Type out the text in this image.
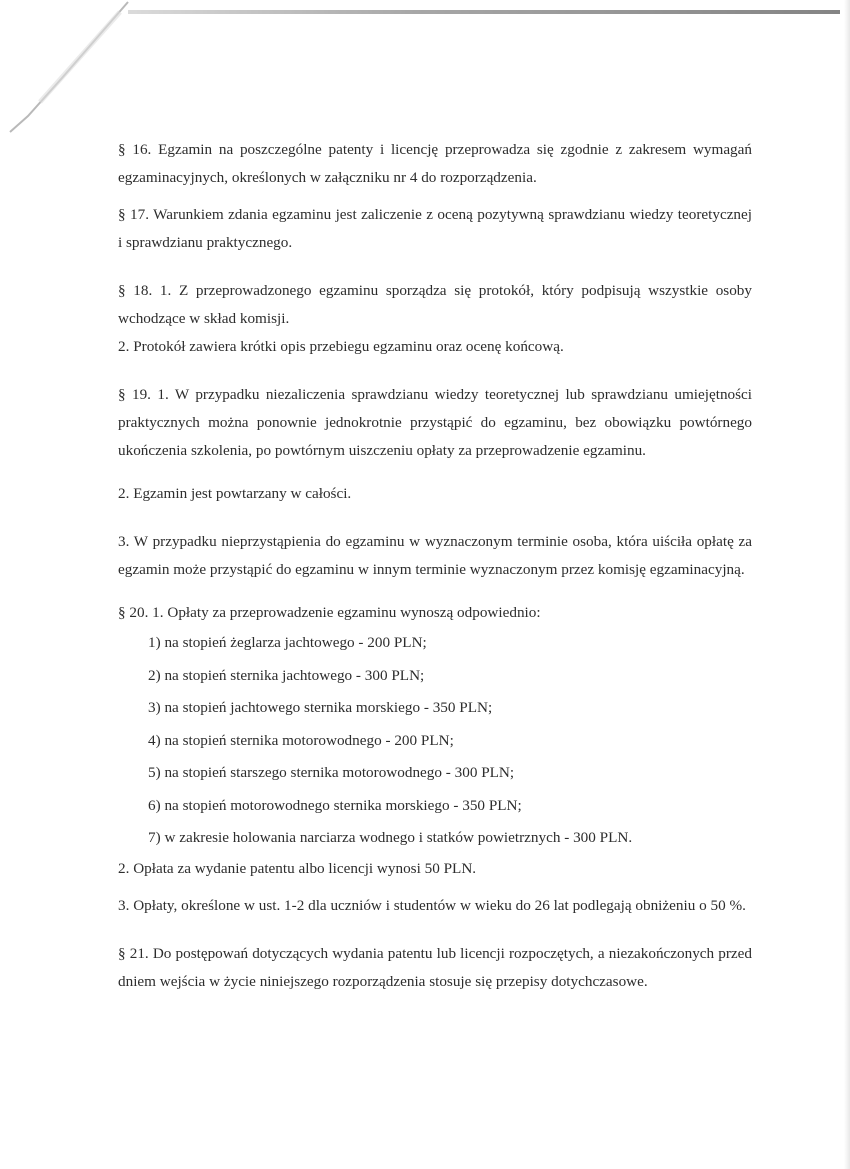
§ 16. Egzamin na poszczególne patenty i licencję przeprowadza się zgodnie z zakresem wymagań egzaminacyjnych, określonych w załączniku nr 4 do rozporządzenia.

§ 17. Warunkiem zdania egzaminu jest zaliczenie z oceną pozytywną sprawdzianu wiedzy teoretycznej i sprawdzianu praktycznego.

§ 18. 1. Z przeprowadzonego egzaminu sporządza się protokół, który podpisują wszystkie osoby wchodzące w skład komisji.

2. Protokół zawiera krótki opis przebiegu egzaminu oraz ocenę końcową.

§ 19. 1. W przypadku niezaliczenia sprawdzianu wiedzy teoretycznej lub sprawdzianu umiejętności praktycznych można ponownie jednokrotnie przystąpić do egzaminu, bez obowiązku powtórnego ukończenia szkolenia, po powtórnym uiszczeniu opłaty za przeprowadzenie egzaminu.

2. Egzamin jest powtarzany w całości.

3. W przypadku nieprzystąpienia do egzaminu w wyznaczonym terminie osoba, która uiściła opłatę za egzamin może przystąpić do egzaminu w innym terminie wyznaczonym przez komisję egzaminacyjną.

§ 20. 1. Opłaty za przeprowadzenie egzaminu wynoszą odpowiednio:

1) na stopień żeglarza jachtowego - 200 PLN;

2) na stopień sternika jachtowego - 300 PLN;

3) na stopień jachtowego sternika morskiego - 350 PLN;

4) na stopień sternika motorowodnego - 200 PLN;

5) na stopień starszego sternika motorowodnego - 300 PLN;

6) na stopień motorowodnego sternika morskiego - 350 PLN;

7) w zakresie holowania narciarza wodnego i statków powietrznych - 300 PLN.

2. Opłata za wydanie patentu albo licencji wynosi 50 PLN.

3. Opłaty, określone w ust. 1-2 dla uczniów i studentów w wieku do 26 lat podlegają obniżeniu o 50 %.

§ 21. Do postępowań dotyczących wydania patentu lub licencji rozpoczętych, a niezakończonych przed dniem wejścia w życie niniejszego rozporządzenia stosuje się przepisy dotychczasowe.
